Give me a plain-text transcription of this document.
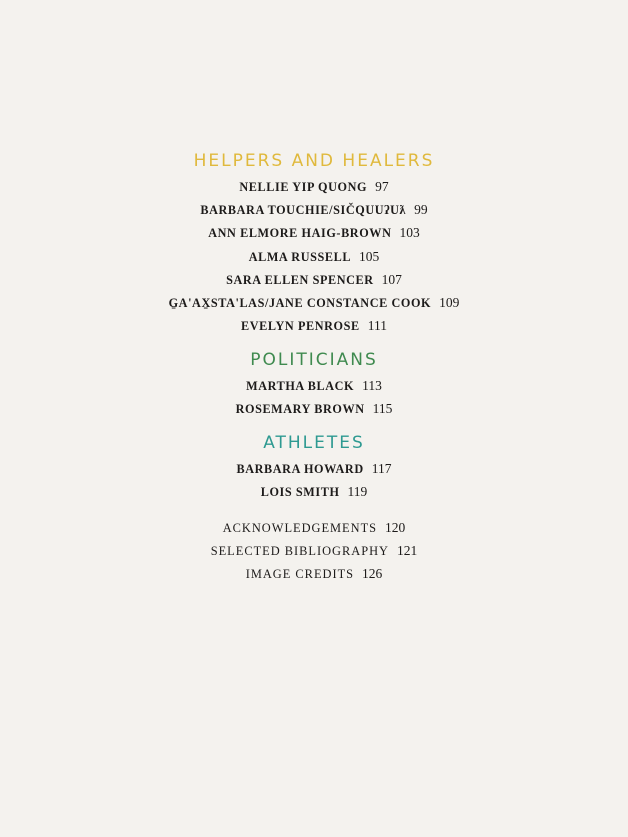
HELPERS AND HEALERS
NELLIE YIP QUONG 97
BARBARA TOUCHIE/SIČQUUʔUƛ 99
ANN ELMORE HAIG-BROWN 103
ALMA RUSSELL 105
SARA ELLEN SPENCER 107
G̱A'AX̱STA'LAS/JANE CONSTANCE COOK 109
EVELYN PENROSE 111
POLITICIANS
MARTHA BLACK 113
ROSEMARY BROWN 115
ATHLETES
BARBARA HOWARD 117
LOIS SMITH 119
ACKNOWLEDGEMENTS 120
SELECTED BIBLIOGRAPHY 121
IMAGE CREDITS 126
